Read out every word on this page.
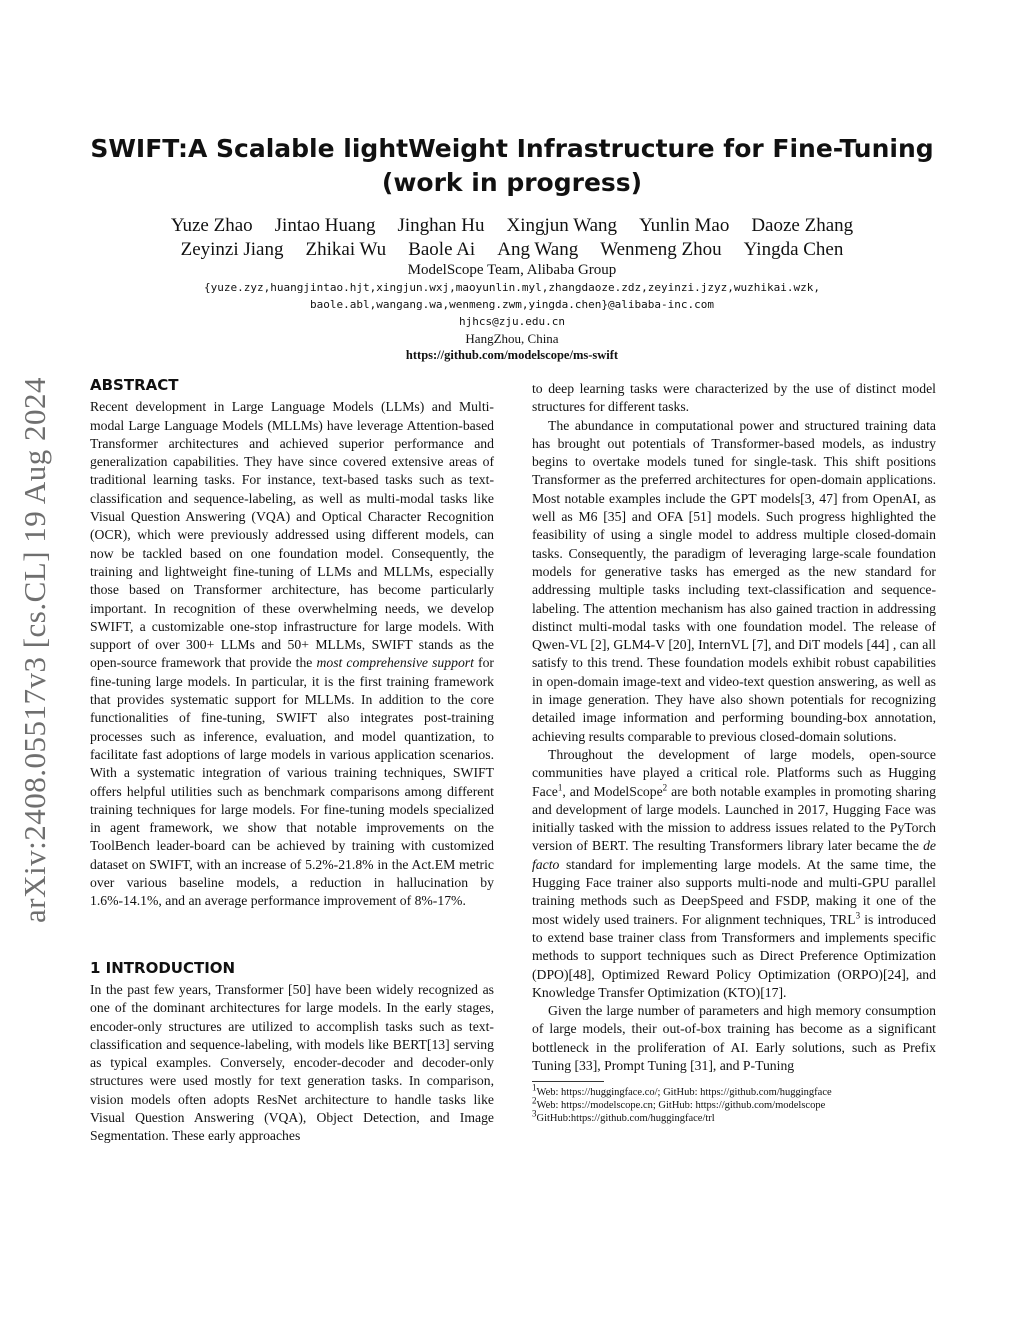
arXiv:2408.05517v3 [cs.CL] 19 Aug 2024
SWIFT:A Scalable lightWeight Infrastructure for Fine-Tuning
(work in progress)
Yuze Zhao Jintao Huang Jinghan Hu Xingjun Wang Yunlin Mao Daoze Zhang
Zeyinzi Jiang Zhikai Wu Baole Ai Ang Wang Wenmeng Zhou Yingda Chen
ModelScope Team, Alibaba Group
{yuze.zyz,huangjintao.hjt,xingjun.wxj,maoyunlin.myl,zhangdaoze.zdz,zeyinzi.jzyz,wuzhikai.wzk,
baole.abl,wangang.wa,wenmeng.zwm,yingda.chen}@alibaba-inc.com
hjhcs@zju.edu.cn
HangZhou, China
https://github.com/modelscope/ms-swift
ABSTRACT

Recent development in Large Language Models (LLMs) and Multi-modal Large Language Models (MLLMs) have leverage Attention-based Transformer architectures and achieved superior performance and generalization capabilities. They have since covered extensive areas of traditional learning tasks. For instance, text-based tasks such as text-classification and sequence-labeling, as well as multi-modal tasks like Visual Question Answering (VQA) and Optical Character Recognition (OCR), which were previously addressed using different models, can now be tackled based on one foundation model. Consequently, the training and lightweight fine-tuning of LLMs and MLLMs, especially those based on Transformer architecture, has become particularly important. In recognition of these overwhelming needs, we develop SWIFT, a customizable one-stop infrastructure for large models. With support of over 300+ LLMs and 50+ MLLMs, SWIFT stands as the open-source framework that provide the most comprehensive support for fine-tuning large models. In particular, it is the first training framework that provides systematic support for MLLMs. In addition to the core functionalities of fine-tuning, SWIFT also integrates post-training processes such as inference, evaluation, and model quantization, to facilitate fast adoptions of large models in various application scenarios. With a systematic integration of various training techniques, SWIFT offers helpful utilities such as benchmark comparisons among different training techniques for large models. For fine-tuning models specialized in agent framework, we show that notable improvements on the ToolBench leader-board can be achieved by training with customized dataset on SWIFT, with an increase of 5.2%-21.8% in the Act.EM metric over various baseline models, a reduction in hallucination by 1.6%-14.1%, and an average performance improvement of 8%-17%.

1 INTRODUCTION

In the past few years, Transformer [50] have been widely recognized as one of the dominant architectures for large models. In the early stages, encoder-only structures are utilized to accomplish tasks such as text-classification and sequence-labeling, with models like BERT[13] serving as typical examples. Conversely, encoder-decoder and decoder-only structures were used mostly for text generation tasks. In comparison, vision models often adopts ResNet architecture to handle tasks like Visual Question Answering (VQA), Object Detection, and Image Segmentation. These early approaches

to deep learning tasks were characterized by the use of distinct model structures for different tasks.

The abundance in computational power and structured training data has brought out potentials of Transformer-based models, as industry begins to overtake models tuned for single-task. This shift positions Transformer as the preferred architectures for open-domain applications. Most notable examples include the GPT models[3, 47] from OpenAI, as well as M6 [35] and OFA [51] models. Such progress highlighted the feasibility of using a single model to address multiple closed-domain tasks. Consequently, the paradigm of leveraging large-scale foundation models for generative tasks has emerged as the new standard for addressing multiple tasks including text-classification and sequence-labeling. The attention mechanism has also gained traction in addressing distinct multi-modal tasks with one foundation model. The release of Qwen-VL [2], GLM4-V [20], InternVL [7], and DiT models [44] , can all satisfy to this trend. These foundation models exhibit robust capabilities in open-domain image-text and video-text question answering, as well as in image generation. They have also shown potentials for recognizing detailed image information and performing bounding-box annotation, achieving results comparable to previous closed-domain solutions.

Throughout the development of large models, open-source communities have played a critical role. Platforms such as Hugging Face$^1$, and ModelScope$^2$ are both notable examples in promoting sharing and development of large models. Launched in 2017, Hugging Face was initially tasked with the mission to address issues related to the PyTorch version of BERT. The resulting Transformers library later became the de facto standard for implementing large models. At the same time, the Hugging Face trainer also supports multi-node and multi-GPU parallel training methods such as DeepSpeed and FSDP, making it one of the most widely used trainers. For alignment techniques, TRL$^3$ is introduced to extend base trainer class from Transformers and implements specific methods to support techniques such as Direct Preference Optimization (DPO)[48], Optimized Reward Policy Optimization (ORPO)[24], and Knowledge Transfer Optimization (KTO)[17].

Given the large number of parameters and high memory consumption of large models, their out-of-box training has become as a significant bottleneck in the proliferation of AI. Early solutions, such as Prefix Tuning [33], Prompt Tuning [31], and P-Tuning

$^1$Web: https://huggingface.co/; GitHub: https://github.com/huggingface

$^2$Web: https://modelscope.cn; GitHub: https://github.com/modelscope

$^3$GitHub:https://github.com/huggingface/trl
